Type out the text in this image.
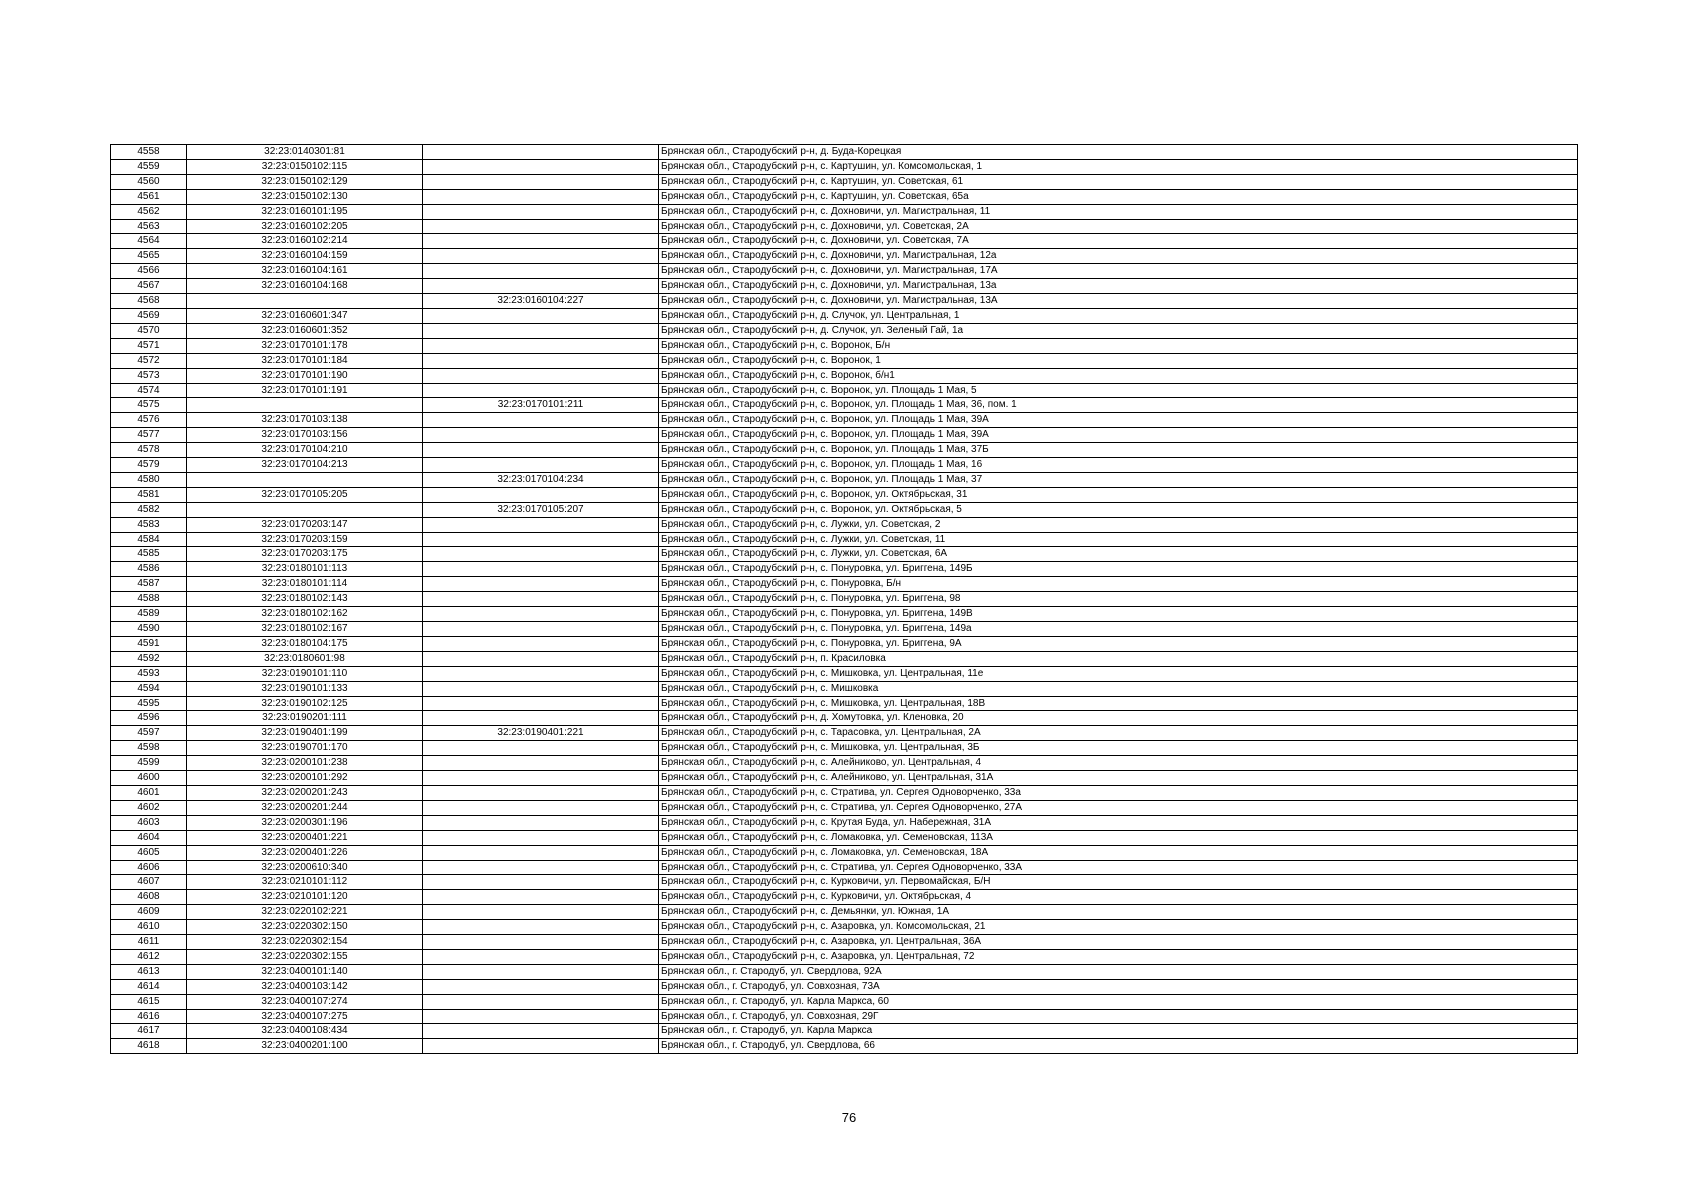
4558	32:23:0140301:81		Брянская обл., Стародубский р-н, д. Буда-Корецкая
4559	32:23:0150102:115		Брянская обл., Стародубский р-н, с. Картушин, ул. Комсомольская, 1
4560	32:23:0150102:129		Брянская обл., Стародубский р-н, с. Картушин, ул. Советская, 61
4561	32:23:0150102:130		Брянская обл., Стародубский р-н, с. Картушин, ул. Советская, 65а
4562	32:23:0160101:195		Брянская обл., Стародубский р-н, с. Дохновичи, ул. Магистральная, 11
4563	32:23:0160102:205		Брянская обл., Стародубский р-н, с. Дохновичи, ул. Советская, 2А
4564	32:23:0160102:214		Брянская обл., Стародубский р-н, с. Дохновичи, ул. Советская, 7А
4565	32:23:0160104:159		Брянская обл., Стародубский р-н, с. Дохновичи, ул. Магистральная, 12а
4566	32:23:0160104:161		Брянская обл., Стародубский р-н, с. Дохновичи, ул. Магистральная, 17А
4567	32:23:0160104:168		Брянская обл., Стародубский р-н, с. Дохновичи, ул. Магистральная, 13а
4568		32:23:0160104:227	Брянская обл., Стародубский р-н, с. Дохновичи, ул. Магистральная, 13А
4569	32:23:0160601:347		Брянская обл., Стародубский р-н, д. Случок, ул. Центральная, 1
4570	32:23:0160601:352		Брянская обл., Стародубский р-н, д. Случок, ул. Зеленый Гай, 1а
4571	32:23:0170101:178		Брянская обл., Стародубский р-н, с. Воронок, Б/н
4572	32:23:0170101:184		Брянская обл., Стародубский р-н, с. Воронок, 1
4573	32:23:0170101:190		Брянская обл., Стародубский р-н, с. Воронок, б/н1
4574	32:23:0170101:191		Брянская обл., Стародубский р-н, с. Воронок, ул. Площадь 1 Мая, 5
4575		32:23:0170101:211	Брянская обл., Стародубский р-н, с. Воронок, ул. Площадь 1 Мая, 36, пом. 1
4576	32:23:0170103:138		Брянская обл., Стародубский р-н, с. Воронок, ул. Площадь 1 Мая, 39А
4577	32:23:0170103:156		Брянская обл., Стародубский р-н, с. Воронок, ул. Площадь 1 Мая, 39А
4578	32:23:0170104:210		Брянская обл., Стародубский р-н, с. Воронок, ул. Площадь 1 Мая, 37Б
4579	32:23:0170104:213		Брянская обл., Стародубский р-н, с. Воронок, ул. Площадь 1 Мая, 16
4580		32:23:0170104:234	Брянская обл., Стародубский р-н, с. Воронок, ул. Площадь 1 Мая, 37
4581	32:23:0170105:205		Брянская обл., Стародубский р-н, с. Воронок, ул. Октябрьская, 31
4582		32:23:0170105:207	Брянская обл., Стародубский р-н, с. Воронок, ул. Октябрьская, 5
4583	32:23:0170203:147		Брянская обл., Стародубский р-н, с. Лужки, ул. Советская, 2
4584	32:23:0170203:159		Брянская обл., Стародубский р-н, с. Лужки, ул. Советская, 11
4585	32:23:0170203:175		Брянская обл., Стародубский р-н, с. Лужки, ул. Советская, 6А
4586	32:23:0180101:113		Брянская обл., Стародубский р-н, с. Понуровка, ул. Бриггена, 149Б
4587	32:23:0180101:114		Брянская обл., Стародубский р-н, с. Понуровка, Б/н
4588	32:23:0180102:143		Брянская обл., Стародубский р-н, с. Понуровка, ул. Бриггена, 98
4589	32:23:0180102:162		Брянская обл., Стародубский р-н, с. Понуровка, ул. Бриггена, 149В
4590	32:23:0180102:167		Брянская обл., Стародубский р-н, с. Понуровка, ул. Бриггена, 149а
4591	32:23:0180104:175		Брянская обл., Стародубский р-н, с. Понуровка, ул. Бриггена, 9А
4592	32:23:0180601:98		Брянская обл., Стародубский р-н, п. Красиловка
4593	32:23:0190101:110		Брянская обл., Стародубский р-н, с. Мишковка, ул. Центральная, 11е
4594	32:23:0190101:133		Брянская обл., Стародубский р-н, с. Мишковка
4595	32:23:0190102:125		Брянская обл., Стародубский р-н, с. Мишковка, ул. Центральная, 18В
4596	32:23:0190201:111		Брянская обл., Стародубский р-н, д. Хомутовка, ул. Кленовка, 20
4597	32:23:0190401:199	32:23:0190401:221	Брянская обл., Стародубский р-н, с. Тарасовка, ул. Центральная, 2А
4598	32:23:0190701:170		Брянская обл., Стародубский р-н, с. Мишковка, ул. Центральная, 3Б
4599	32:23:0200101:238		Брянская обл., Стародубский р-н, с. Алейниково, ул. Центральная, 4
4600	32:23:0200101:292		Брянская обл., Стародубский р-н, с. Алейниково, ул. Центральная, 31А
4601	32:23:0200201:243		Брянская обл., Стародубский р-н, с. Стратива, ул. Сергея Одноворченко, 33а
4602	32:23:0200201:244		Брянская обл., Стародубский р-н, с. Стратива, ул. Сергея Одноворченко, 27А
4603	32:23:0200301:196		Брянская обл., Стародубский р-н, с. Крутая Буда, ул. Набережная, 31А
4604	32:23:0200401:221		Брянская обл., Стародубский р-н, с. Ломаковка, ул. Семеновская, 113А
4605	32:23:0200401:226		Брянская обл., Стародубский р-н, с. Ломаковка, ул. Семеновская, 18А
4606	32:23:0200610:340		Брянская обл., Стародубский р-н, с. Стратива, ул. Сергея Одноворченко, 33А
4607	32:23:0210101:112		Брянская обл., Стародубский р-н, с. Курковичи, ул. Первомайская, Б/Н
4608	32:23:0210101:120		Брянская обл., Стародубский р-н, с. Курковичи, ул. Октябрьская, 4
4609	32:23:0220102:221		Брянская обл., Стародубский р-н, с. Демьянки, ул. Южная, 1А
4610	32:23:0220302:150		Брянская обл., Стародубский р-н, с. Азаровка, ул. Комсомольская, 21
4611	32:23:0220302:154		Брянская обл., Стародубский р-н, с. Азаровка, ул. Центральная, 36А
4612	32:23:0220302:155		Брянская обл., Стародубский р-н, с. Азаровка, ул. Центральная, 72
4613	32:23:0400101:140		Брянская обл., г. Стародуб, ул. Свердлова, 92А
4614	32:23:0400103:142		Брянская обл., г. Стародуб, ул. Совхозная, 73А
4615	32:23:0400107:274		Брянская обл., г. Стародуб, ул. Карла Маркса, 60
4616	32:23:0400107:275		Брянская обл., г. Стародуб, ул. Совхозная, 29Г
4617	32:23:0400108:434		Брянская обл., г. Стародуб, ул. Карла Маркса
4618	32:23:0400201:100		Брянская обл., г. Стародуб, ул. Свердлова, 66
76
